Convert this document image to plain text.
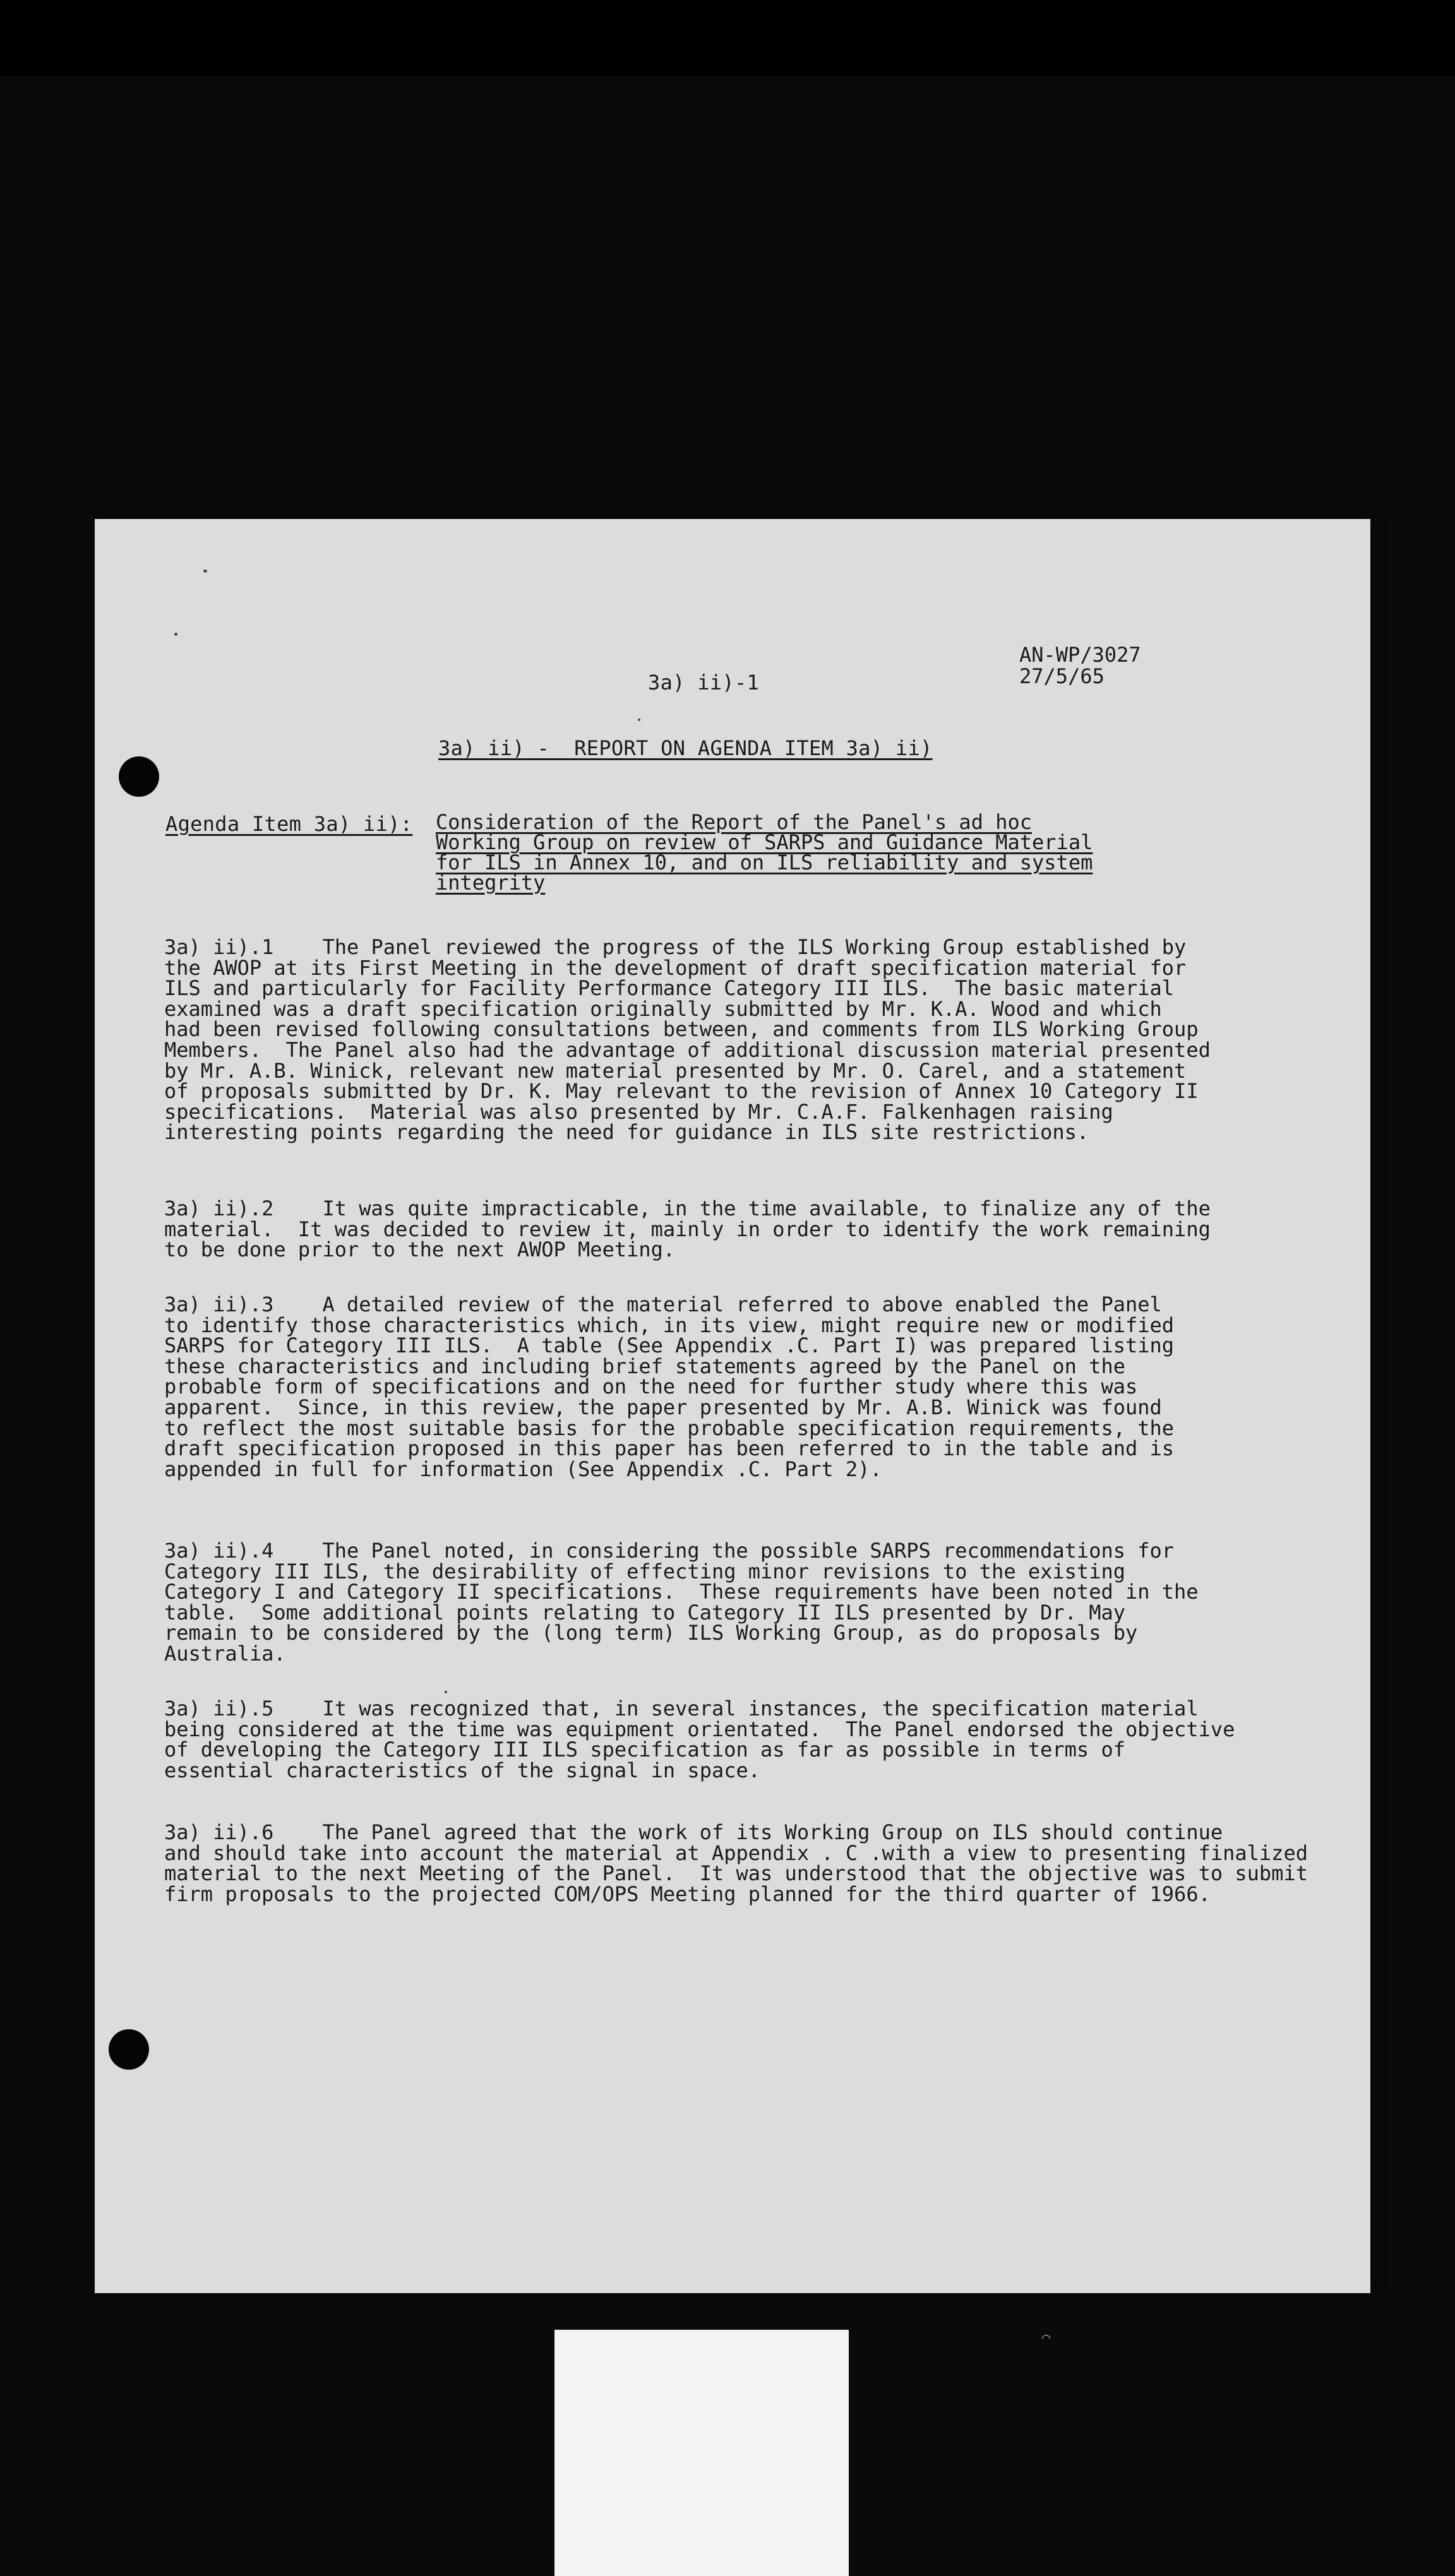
AN-WP/3027
27/5/65
3a) ii)-1
3a) ii) -  REPORT ON AGENDA ITEM 3a) ii)
Agenda Item 3a) ii): Consideration of the Report of the Panel's ad hoc
Working Group on review of SARPS and Guidance Material
for ILS in Annex 10, and on ILS reliability and system
integrity
3a) ii).1    The Panel reviewed the progress of the ILS Working Group established by
the AWOP at its First Meeting in the development of draft specification material for
ILS and particularly for Facility Performance Category III ILS.  The basic material
examined was a draft specification originally submitted by Mr. K.A. Wood and which
had been revised following consultations between, and comments from ILS Working Group
Members.  The Panel also had the advantage of additional discussion material presented
by Mr. A.B. Winick, relevant new material presented by Mr. O. Carel, and a statement
of proposals submitted by Dr. K. May relevant to the revision of Annex 10 Category II
specifications.  Material was also presented by Mr. C.A.F. Falkenhagen raising
interesting points regarding the need for guidance in ILS site restrictions.
3a) ii).2    It was quite impracticable, in the time available, to finalize any of the
material.  It was decided to review it, mainly in order to identify the work remaining
to be done prior to the next AWOP Meeting.
3a) ii).3    A detailed review of the material referred to above enabled the Panel
to identify those characteristics which, in its view, might require new or modified
SARPS for Category III ILS.  A table (See Appendix .C. Part I) was prepared listing
these characteristics and including brief statements agreed by the Panel on the
probable form of specifications and on the need for further study where this was
apparent.  Since, in this review, the paper presented by Mr. A.B. Winick was found
to reflect the most suitable basis for the probable specification requirements, the
draft specification proposed in this paper has been referred to in the table and is
appended in full for information (See Appendix .C. Part 2).
3a) ii).4    The Panel noted, in considering the possible SARPS recommendations for
Category III ILS, the desirability of effecting minor revisions to the existing
Category I and Category II specifications.  These requirements have been noted in the
table.  Some additional points relating to Category II ILS presented by Dr. May
remain to be considered by the (long term) ILS Working Group, as do proposals by
Australia.
3a) ii).5    It was recognized that, in several instances, the specification material
being considered at the time was equipment orientated.  The Panel endorsed the objective
of developing the Category III ILS specification as far as possible in terms of
essential characteristics of the signal in space.
3a) ii).6    The Panel agreed that the work of its Working Group on ILS should continue
and should take into account the material at Appendix . C .with a view to presenting finalized
material to the next Meeting of the Panel.  It was understood that the objective was to submit
firm proposals to the projected COM/OPS Meeting planned for the third quarter of 1966.
⌒
